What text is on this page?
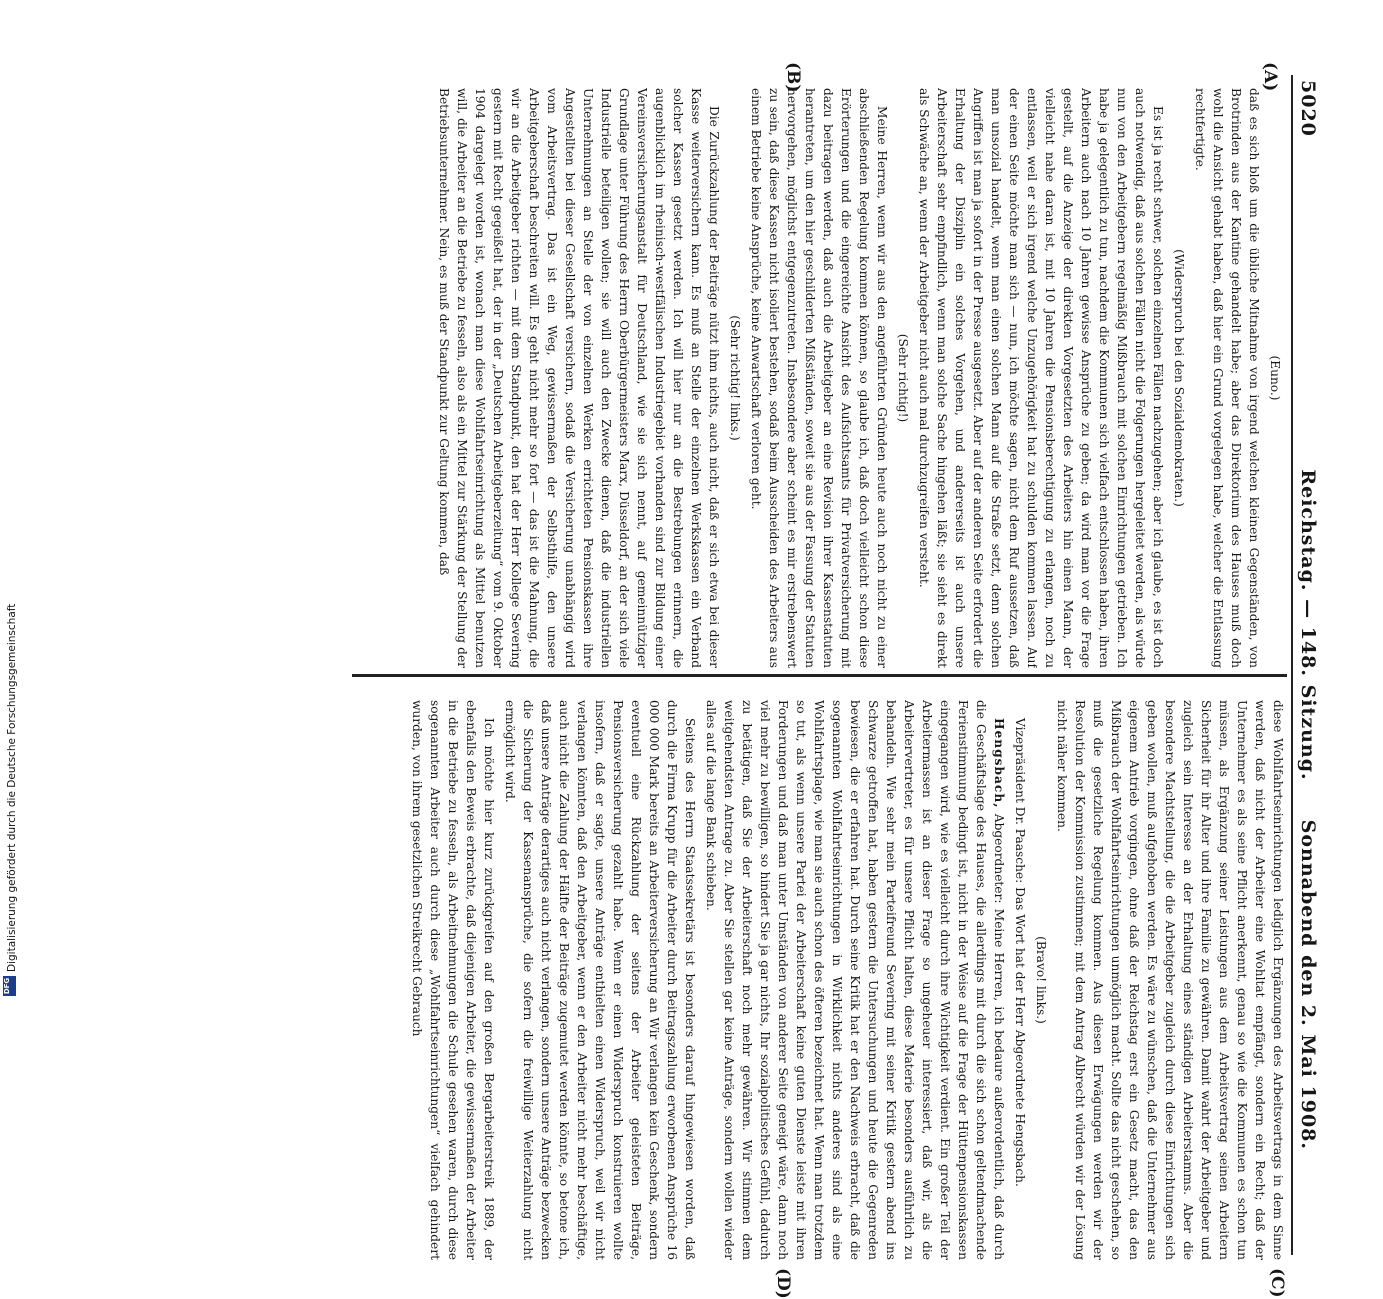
5020
Reichstag. — 148. Sitzung.
Sonnabend den 2. Mai 1908.
(A)
(B)
(C)
(D)

(Euno.)

daß es sich bloß um die übliche Mitnahme von irgend welchen kleinen Gegenständen, von Brotrinden aus der Kantine gehandelt habe; aber das Direktorium des Hauses muß doch wohl die Ansicht gehabt haben, daß hier ein Grund vorgelegen habe, welcher die Entlassung rechtfertigte.

(Widerspruch bei den Sozialdemokraten.)

Es ist ja recht schwer, solchen einzelnen Fällen nachzugehen; aber ich glaube, es ist doch auch notwendig, daß aus solchen Fällen nicht die Folgerungen hergeleitet werden, als würde nun von den Arbeitgebern regelmäßig Mißbrauch mit solchen Einrichtungen getrieben. Ich habe ja gelegentlich zu tun, nachdem die Kommunen sich vielfach entschlossen haben, ihren Arbeitern auch nach 10 Jahren gewisse Ansprüche zu geben; da wird man vor die Frage gestellt, auf die Anzeige der direkten Vorgesetzten des Arbeiters hin einen Mann, der vielleicht nahe daran ist, mit 10 Jahren die Pensionsberechtigung zu erlangen, noch zu entlassen, weil er sich irgend welche Unzugehörigkeit hat zu schulden kommen lassen. Auf der einen Seite möchte man sich — nun, ich möchte sagen, nicht dem Ruf aussetzen, daß man unsozial handelt, wenn man einen solchen Mann auf die Straße setzt, denn solchen Angriffen ist man ja sofort in der Presse ausgesetzt. Aber auf der anderen Seite erfordert die Erhaltung der Disziplin ein solches Vorgehen, und andererseits ist auch unsere Arbeiterschaft sehr empfindlich, wenn man solche Sache hingehen läßt; sie sieht es direkt als Schwäche an, wenn der Arbeitgeber nicht auch mal durchzugreifen versteht.

(Sehr richtig!)

Meine Herren, wenn wir aus den angeführten Gründen heute auch noch nicht zu einer abschließenden Regelung kommen können, so glaube ich, daß doch vielleicht schon diese Erörterungen und die eingereichte Ansicht des Aufsichtsamts für Privatversicherung mit dazu beitragen werden, daß auch die Arbeitgeber an eine Revision ihrer Kassenstatuten herantreten, um den hier geschilderten Mißständen, soweit sie aus der Fassung der Statuten hervorgehen, möglichst entgegenzutreten. Insbesondere aber scheint es mir erstrebenswert zu sein, daß diese Kassen nicht isoliert bestehen, sodaß beim Ausscheiden des Arbeiters aus einem Betriebe keine Ansprüche, keine Anwartschaft verloren geht.

(Sehr richtig! links.)

Die Zurückzahlung der Beiträge nützt ihm nichts, auch nicht, daß er sich etwa bei dieser Kasse weiterversichern kann. Es muß an Stelle der einzelnen Werkskassen ein Verband solcher Kassen gesetzt werden. Ich will hier nur an die Bestrebungen erinnern, die augenblicklich im rheinisch-westfälischen Industriegebiet vorhanden sind zur Bildung einer Vereinsversicherungsanstalt für Deutschland, wie sie sich nennt, auf gemeinnütziger Grundlage unter Führung des Herrn Oberbürgermeisters Marx, Düsseldorf, an der sich viele Industrielle beteiligen wollen; sie will auch den Zwecke dienen, daß die industriellen Unternehmungen an Stelle der von einzelnen Werken errichteten Pensionskassen ihre Angestellten bei dieser Gesellschaft versichern, sodaß die Versicherung unabhängig wird vom Arbeitsvertrag. Das ist ein Weg, gewissermaßen der Selbsthilfe, den unsere Arbeitgeberschaft beschreiten will. Es geht nicht mehr so fort — das ist die Mahnung, die wir an die Arbeitgeber richten — mit dem Standpunkt, den hat der Herr Kollege Severing gestern mit Recht gegeißelt hat, der in der „Deutschen Arbeitgeberzeitung“ vom 9. Oktober 1904 dargelegt worden ist, wonach man diese Wohlfahrtseinrichtung als Mittel benutzen will, die Arbeiter an die Betriebe zu fesseln, also als ein Mittel zur Stärkung der Stellung der Betriebsunternehmer. Nein, es muß der Standpunkt zur Geltung kommen, daß

diese Wohlfahrtseinrichtungen lediglich Ergänzungen des Arbeitsvertrags in dem Sinne werden, daß nicht der Arbeiter eine Wohltat empfängt, sondern ein Recht; daß der Unternehmer es als seine Pflicht anerkennt, genau so wie die Kommunen es schon tun müssen, als Ergänzung seiner Leistungen aus dem Arbeitsvertrag seinen Arbeitern Sicherheit für ihr Alter und ihre Familie zu gewähren. Damit wahrt der Arbeitgeber und zugleich sein Interesse an der Erhaltung eines ständigen Arbeiterstamms. Aber die besondere Machtstellung, die die Arbeitgeber zugleich durch diese Einrichtungen sich geben wollen, muß aufgehoben werden. Es wäre zu wünschen, daß die Unternehmer aus eigenem Antrieb vorgingen, ohne daß der Reichstag erst ein Gesetz macht, das den Mißbrauch der Wohlfahrtseinrichtungen unmöglich macht. Sollte das nicht geschehen, so muß die gesetzliche Regelung kommen. Aus diesen Erwägungen werden wir der Resolution der Kommission zustimmen; mit dem Antrag Albrecht würden wir der Lösung nicht näher kommen.

(Bravo! links.)

Vizepräsident Dr. Paasche: Das Wort hat der Herr Abgeordnete Hengsbach.

Hengsbach, Abgeordneter: Meine Herren, ich bedaure außerordentlich, daß durch die Geschäftslage des Hauses, die allerdings mit durch die sich schon geltendmachende Ferienstimmung bedingt ist, nicht in der Weise auf die Frage der Hüttenpensionskassen eingegangen wird, wie es vielleicht durch ihre Wichtigkeit verdient. Ein großer Teil der Arbeitermassen ist an dieser Frage so ungeheuer interessiert, daß wir, als die Arbeitervertreter, es für unsere Pflicht halten, diese Materie besonders ausführlich zu behandeln. Wie sehr mein Parteifreund Severing mit seiner Kritik gestern abend ins Schwarze getroffen hat, haben gestern die Untersuchungen und heute die Gegenreden bewiesen, die er erfahren hat. Durch seine Kritik hat er den Nachweis erbracht, daß die sogenannten Wohlfahrtseinrichtungen in Wirklichkeit nichts anderes sind als eine Wohlfahrtsplage, wie man sie auch schon des öfteren bezeichnet hat. Wenn man trotzdem so tut, als wenn unsere Partei der Arbeiterschaft keine guten Dienste leiste mit ihren Forderungen und daß man unter Umständen von anderer Seite geneigt wäre, dann noch viel mehr zu bewilligen, so hindert Sie ja gar nichts, Ihr sozialpolitisches Gefühl, dadurch zu betätigen, daß Sie der Arbeiterschaft noch mehr gewähren. Wir stimmen dem weitgehendsten Antrage zu. Aber Sie stellen gar keine Anträge, sondern wollen wieder alles auf die lange Bank schieben.

Seitens des Herrn Staatssekretärs ist besonders darauf hingewiesen worden, daß durch die Firma Krupp für die Arbeiter durch Beitragszahlung erworbenen Ansprüche 16 000 000 Mark bereits an Arbeiterversicherung an Wir verlangen kein Geschenk, sondern eventuell eine Rückzahlung der seitens der Arbeiter geleisteten Beiträge, Pensionsversicherung gezahlt habe. Wenn er einen Widerspruch konstruieren wollte insofern, daß er sagte, unsere Anträge enthielten einen Widerspruch, weil wir nicht verlangen könnten, daß den Arbeitgeber, wenn er den Arbeiter nicht mehr beschäftige, auch nicht die Zahlung der Hälfte der Beiträge zugemutet werden könnte, so betone ich, daß unsere Anträge derartiges auch nicht verlangen, sondern unsere Anträge bezwecken die Sicherung der Kassenansprüche, die sofern die freiwillige Weiterzahlung nicht ermöglicht wird.

Ich möchte hier kurz zurückgreifen auf den großen Bergarbeiterstreik 1889, der ebenfalls den Beweis erbrachte, daß diejenigen Arbeiter, die gewissermaßen der Arbeiter in die Betriebe zu fesseln, als Arbeitnehmungen die Schule gesehen waren, durch diese sogenannten Arbeiter auch durch diese „Wohlfahrtseinrichtungen“ vielfach gehindert wurden, von ihrem gesetzlichen Streikrecht Gebrauch

Digitalisierung gefördert durch die Deutsche Forschungsgemeinschaft
DFG
